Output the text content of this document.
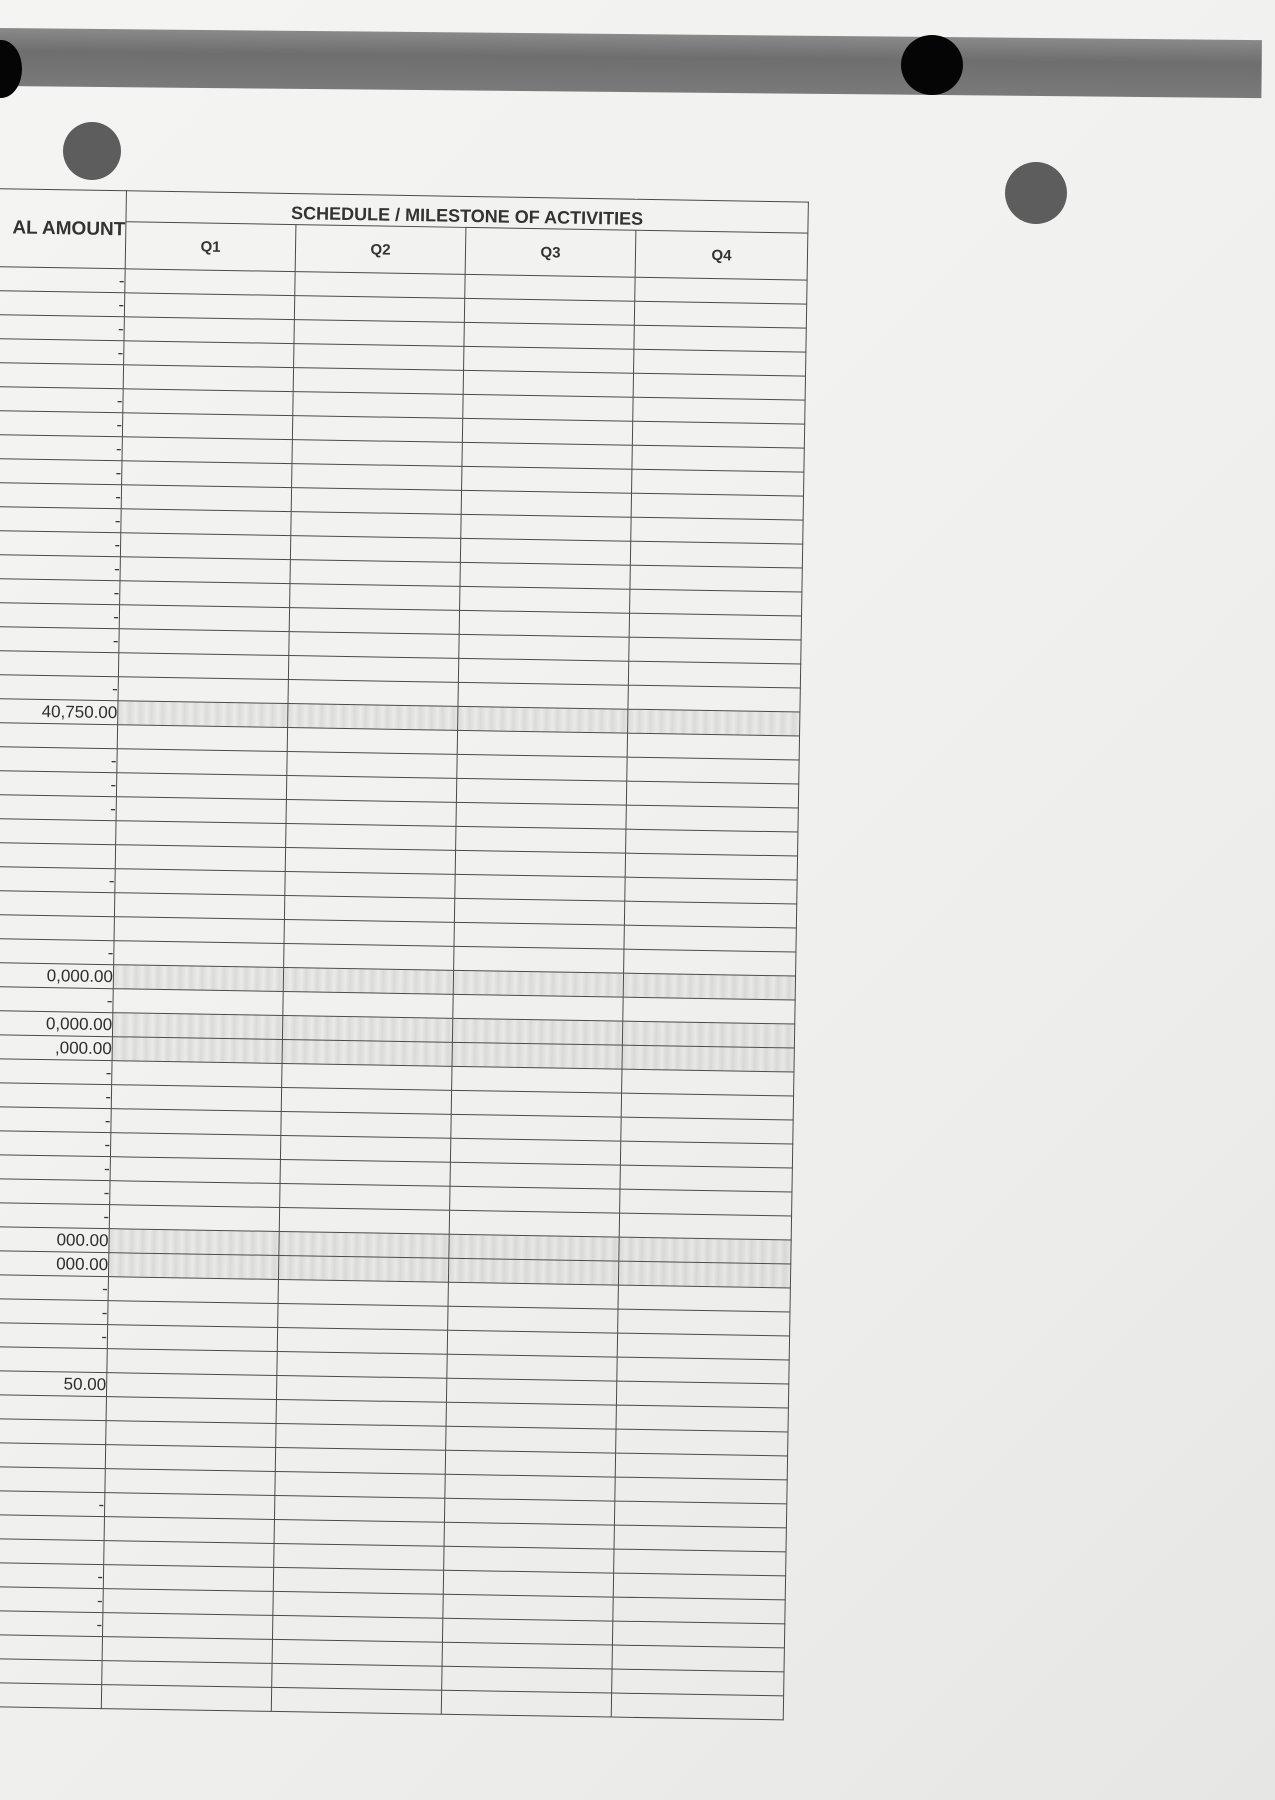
AL AMOUNT	SCHEDULE / MILESTONE OF ACTIVITIES			
	Q1	Q2	Q3	Q4
-				
-				
-				
-				

-				
-				
-				
-				
-				
-				
-				
-				
-				
-				
-				

-				
40,750.00				

-				
-				
-				

-				

-				
0,000.00				
-				
0,000.00				
,000.00				
-				
-				
-				
-				
-				
-				
-				
000.00				
000.00				
-				
-				
-				

50.00				

-				

-				
-				
-				
